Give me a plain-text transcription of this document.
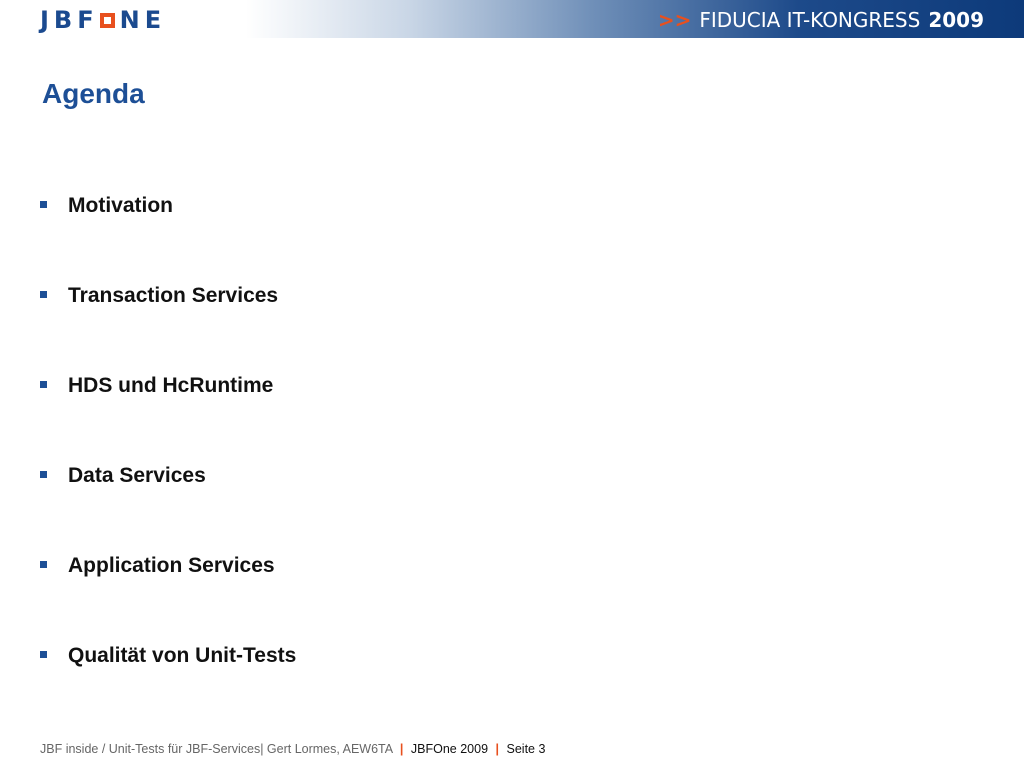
JBF NE	>> FIDUCIA IT-KONGRESS 2009
Agenda
Motivation
Transaction Services
HDS und HcRuntime
Data Services
Application Services
Qualität von Unit-Tests
JBF inside / Unit-Tests für JBF-Services| Gert Lormes, AEW6TA | JBFOne 2009 | Seite 3
